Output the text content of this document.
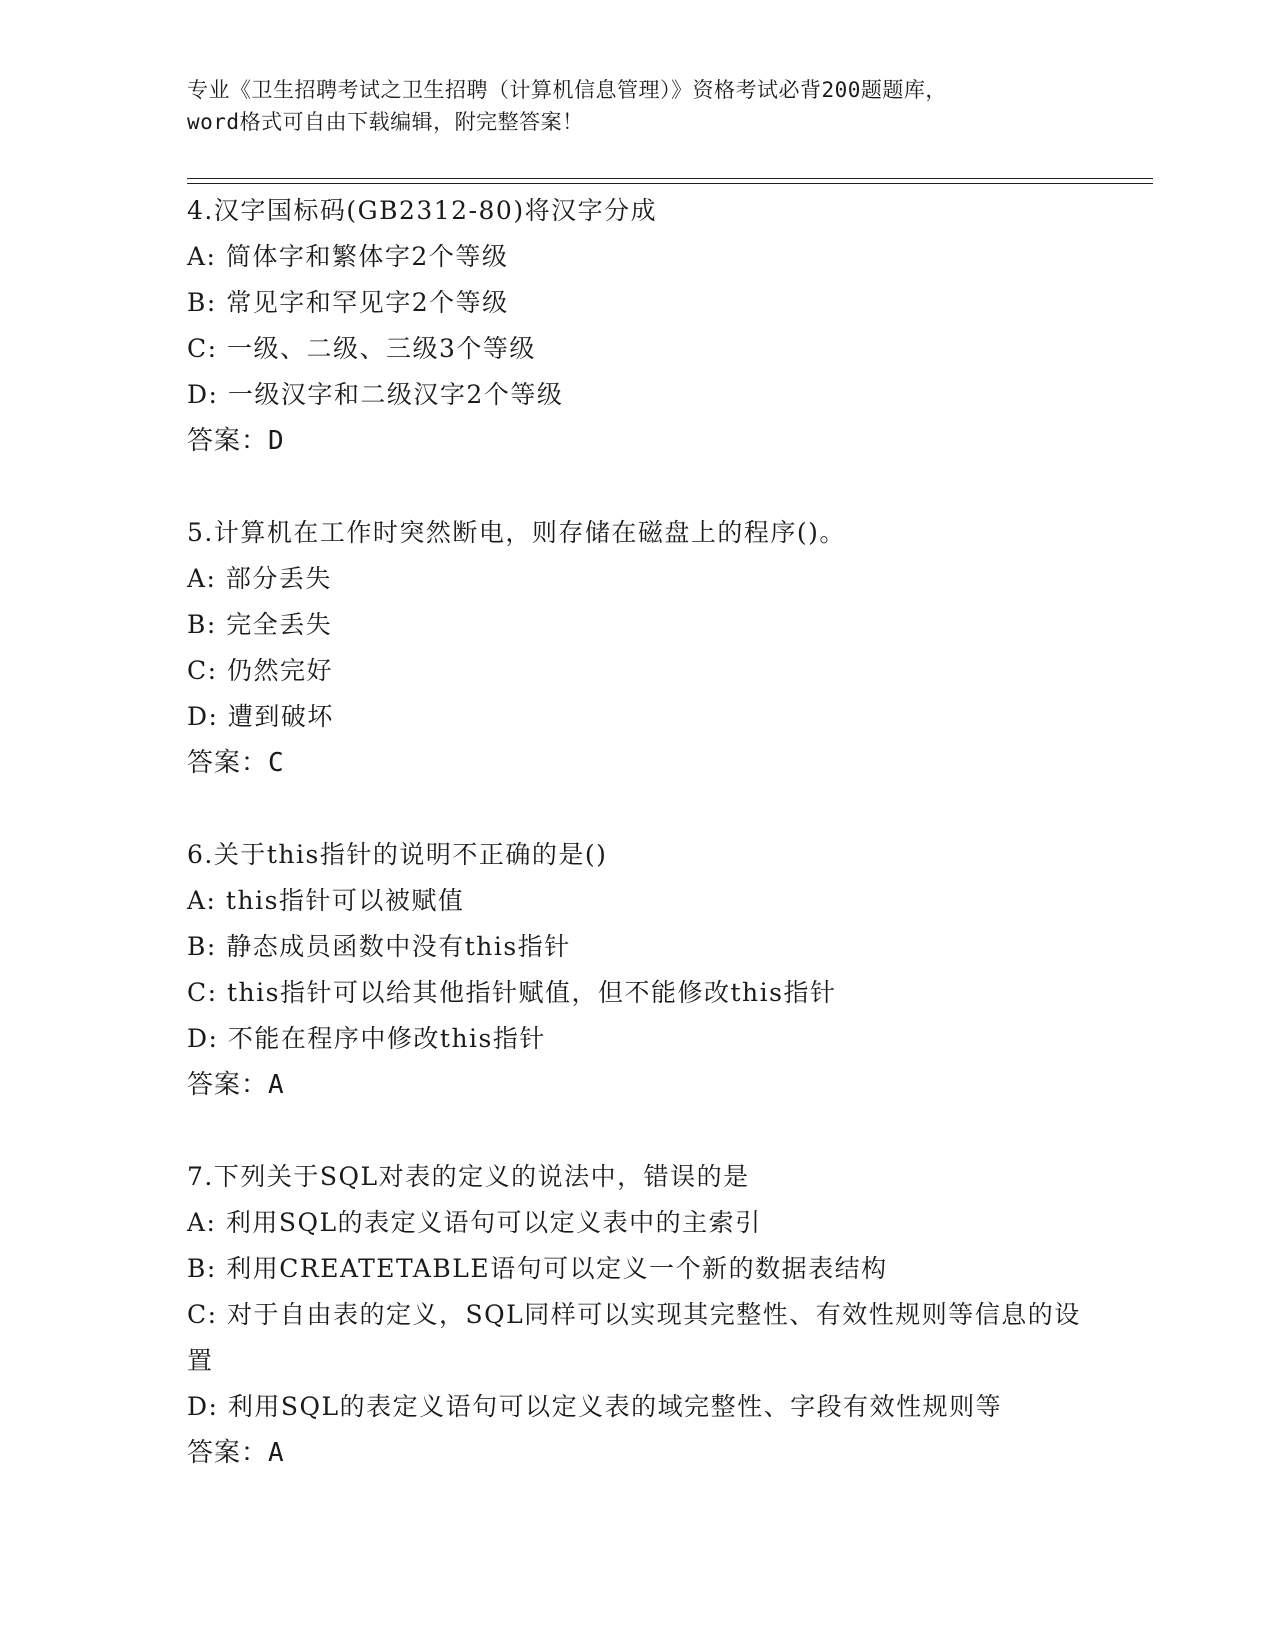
专业《卫生招聘考试之卫生招聘（计算机信息管理）》资格考试必背200题题库，
word格式可自由下载编辑，附完整答案！
4.汉字国标码(GB2312-80)将汉字分成
A: 简体字和繁体字2个等级
B: 常见字和罕见字2个等级
C: 一级、二级、三级3个等级
D: 一级汉字和二级汉字2个等级
答案：D
5.计算机在工作时突然断电，则存储在磁盘上的程序()。
A: 部分丢失
B: 完全丢失
C: 仍然完好
D: 遭到破坏
答案：C
6.关于this指针的说明不正确的是()
A: this指针可以被赋值
B: 静态成员函数中没有this指针
C: this指针可以给其他指针赋值，但不能修改this指针
D: 不能在程序中修改this指针
答案：A
7.下列关于SQL对表的定义的说法中，错误的是
A: 利用SQL的表定义语句可以定义表中的主索引
B: 利用CREATETABLE语句可以定义一个新的数据表结构
C: 对于自由表的定义，SQL同样可以实现其完整性、有效性规则等信息的设置
D: 利用SQL的表定义语句可以定义表的域完整性、字段有效性规则等
答案：A
